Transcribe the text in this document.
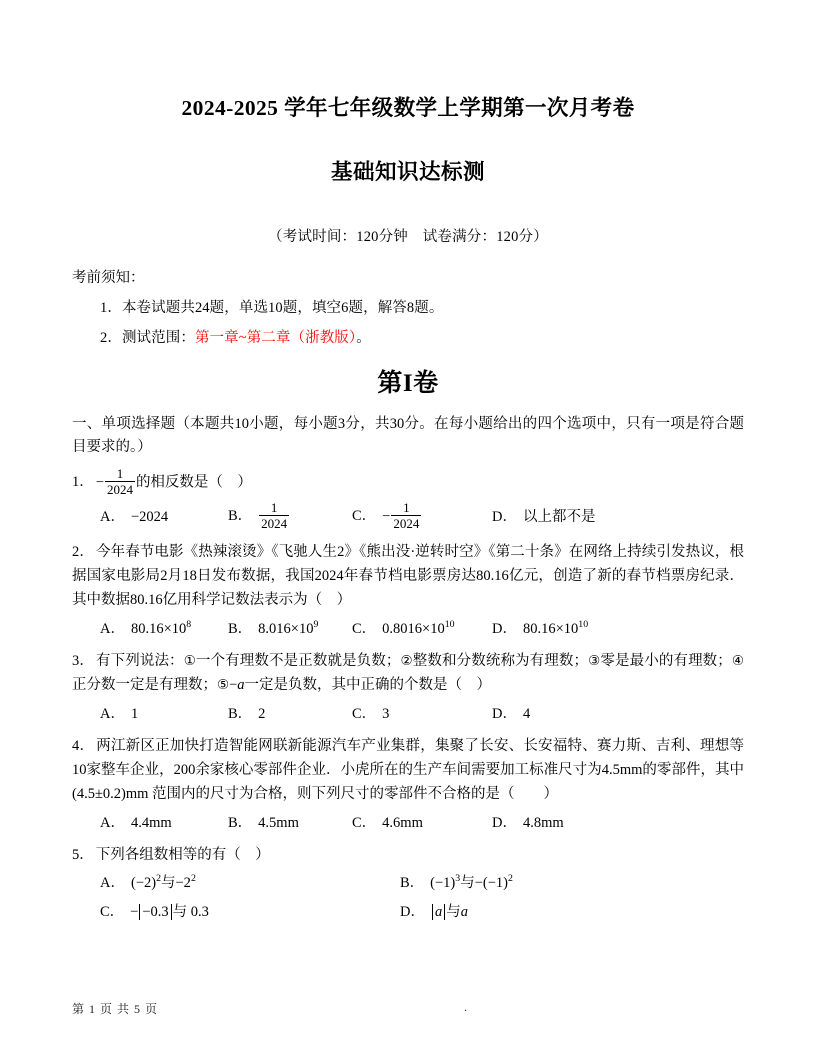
2024-2025 学年七年级数学上学期第一次月考卷
基础知识达标测

（考试时间：120分钟　试卷满分：120分）

考前须知：

1．本卷试题共24题，单选10题，填空6题，解答8题。

2．测试范围：第一章~第二章（浙教版）。

第I卷

一、单项选择题（本题共10小题，每小题3分，共30分。在每小题给出的四个选项中，只有一项是符合题目要求的。）

1． − $\frac{1}{2024}$ 的相反数是（　）

A． −2024	B． $\frac{1}{2024}$	C． − $\frac{1}{2024}$	D． 以上都不是

2． 今年春节电影《热辣滚烫》《飞驰人生2》《熊出没·逆转时空》《第二十条》在网络上持续引发热议，根据国家电影局2月18日发布数据，我国2024年春节档电影票房达80.16亿元，创造了新的春节档票房纪录．其中数据80.16亿用科学记数法表示为（　）

A． $80.16\times 10^8$	B． $8.016\times 10^9$ C． $0.8016\times 10^{10}$	D． $80.16\times 10^{10}$

3． 有下列说法：①一个有理数不是正数就是负数；②整数和分数统称为有理数；③零是最小的有理数；④正分数一定是有理数；⑤−a一定是负数，其中正确的个数是（　）

A． 1	B． 2	C． 3	D． 4

4． 两江新区正加快打造智能网联新能源汽车产业集群，集聚了长安、长安福特、赛力斯、吉利、理想等10家整车企业，200余家核心零部件企业．小虎所在的生产车间需要加工标准尺寸为4.5mm的零部件，其中(4.5±0.2)mm 范围内的尺寸为合格，则下列尺寸的零部件不合格的是（　　）

A． 4.4mm	B． 4.5mm	C． 4.6mm	D． 4.8mm

5． 下列各组数相等的有（　）

A． $(-2)^2$与$-2^2$	B． $(-1)^3$与$-(-1)^2$
C． − −0.3 与 0.3	D． a 与a
第 1 页 共 5 页	.
